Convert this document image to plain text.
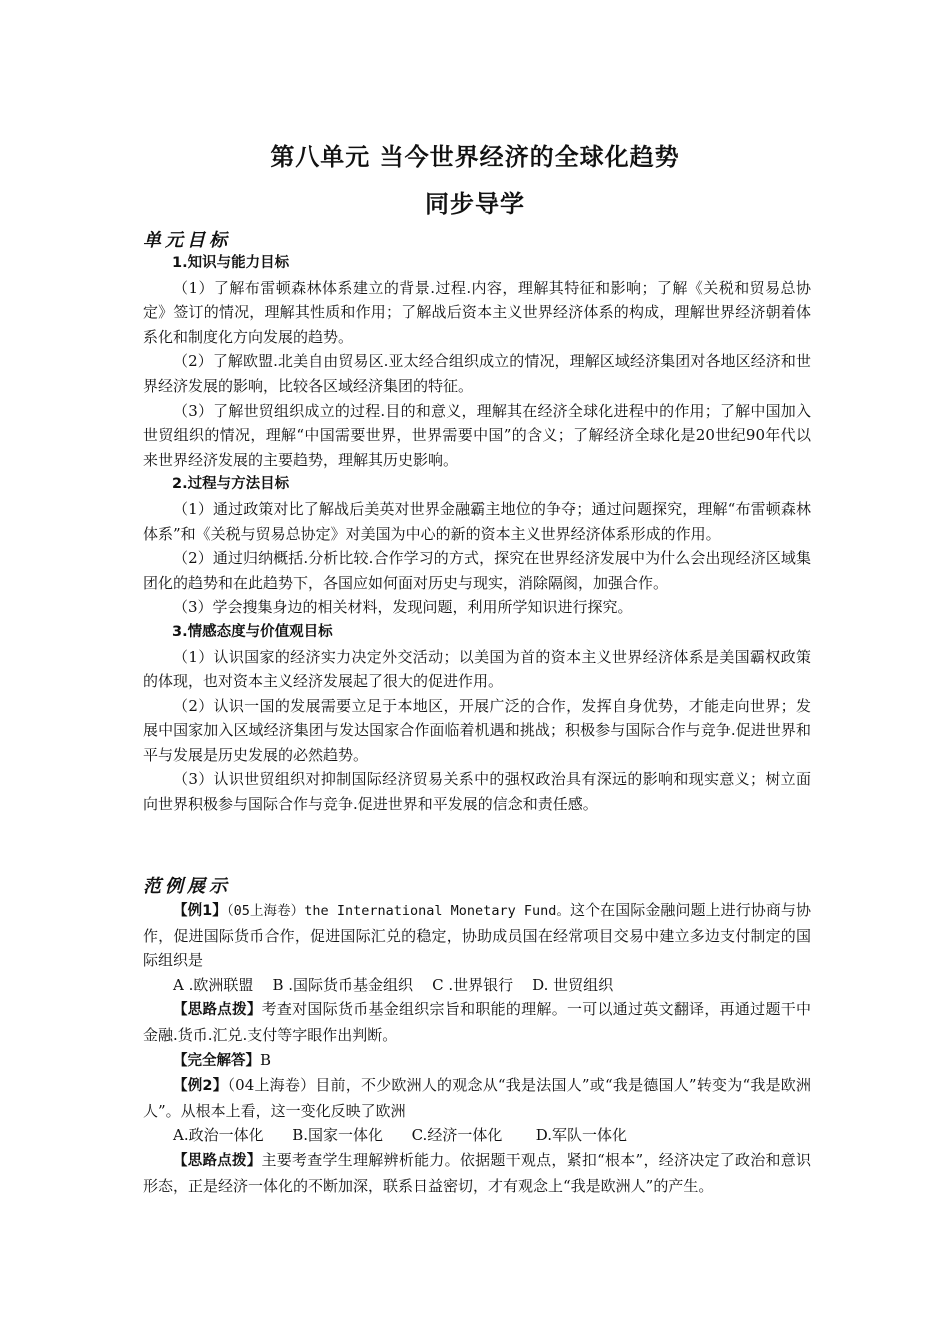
第八单元 当今世界经济的全球化趋势
同步导学
单元目标

1.知识与能力目标

（1）了解布雷顿森林体系建立的背景.过程.内容，理解其特征和影响；了解《关税和贸易总协定》签订的情况，理解其性质和作用；了解战后资本主义世界经济体系的构成，理解世界经济朝着体系化和制度化方向发展的趋势。

（2）了解欧盟.北美自由贸易区.亚太经合组织成立的情况，理解区域经济集团对各地区经济和世界经济发展的影响，比较各区域经济集团的特征。

（3）了解世贸组织成立的过程.目的和意义，理解其在经济全球化进程中的作用；了解中国加入世贸组织的情况，理解“中国需要世界，世界需要中国”的含义；了解经济全球化是20世纪90年代以来世界经济发展的主要趋势，理解其历史影响。

2.过程与方法目标

（1）通过政策对比了解战后美英对世界金融霸主地位的争夺；通过问题探究，理解“布雷顿森林体系”和《关税与贸易总协定》对美国为中心的新的资本主义世界经济体系形成的作用。

（2）通过归纳概括.分析比较.合作学习的方式，探究在世界经济发展中为什么会出现经济区域集团化的趋势和在此趋势下，各国应如何面对历史与现实，消除隔阂，加强合作。

（3）学会搜集身边的相关材料，发现问题，利用所学知识进行探究。

3.情感态度与价值观目标

（1）认识国家的经济实力决定外交活动；以美国为首的资本主义世界经济体系是美国霸权政策的体现，也对资本主义经济发展起了很大的促进作用。

（2）认识一国的发展需要立足于本地区，开展广泛的合作，发挥自身优势，才能走向世界；发展中国家加入区域经济集团与发达国家合作面临着机遇和挑战；积极参与国际合作与竞争.促进世界和平与发展是历史发展的必然趋势。

（3）认识世贸组织对抑制国际经济贸易关系中的强权政治具有深远的影响和现实意义；树立面向世界积极参与国际合作与竞争.促进世界和平发展的信念和责任感。

范例展示

【例1】（05上海卷）the International Monetary Fund。这个在国际金融问题上进行协商与协作，促进国际货币合作，促进国际汇兑的稳定，协助成员国在经常项目交易中建立多边支付制定的国际组织是

A .欧洲联盟    B .国际货币基金组织    C .世界银行    D. 世贸组织

【思路点拨】考查对国际货币基金组织宗旨和职能的理解。一可以通过英文翻译，再通过题干中金融.货币.汇兑.支付等字眼作出判断。

【完全解答】B

【例2】（04上海卷）目前，不少欧洲人的观念从“我是法国人”或“我是德国人”转变为“我是欧洲人”。从根本上看，这一变化反映了欧洲

A.政治一体化      B.国家一体化      C.经济一体化       D.军队一体化

【思路点拨】主要考查学生理解辨析能力。依据题干观点，紧扣“根本”，经济决定了政治和意识形态，正是经济一体化的不断加深，联系日益密切，才有观念上“我是欧洲人”的产生。
